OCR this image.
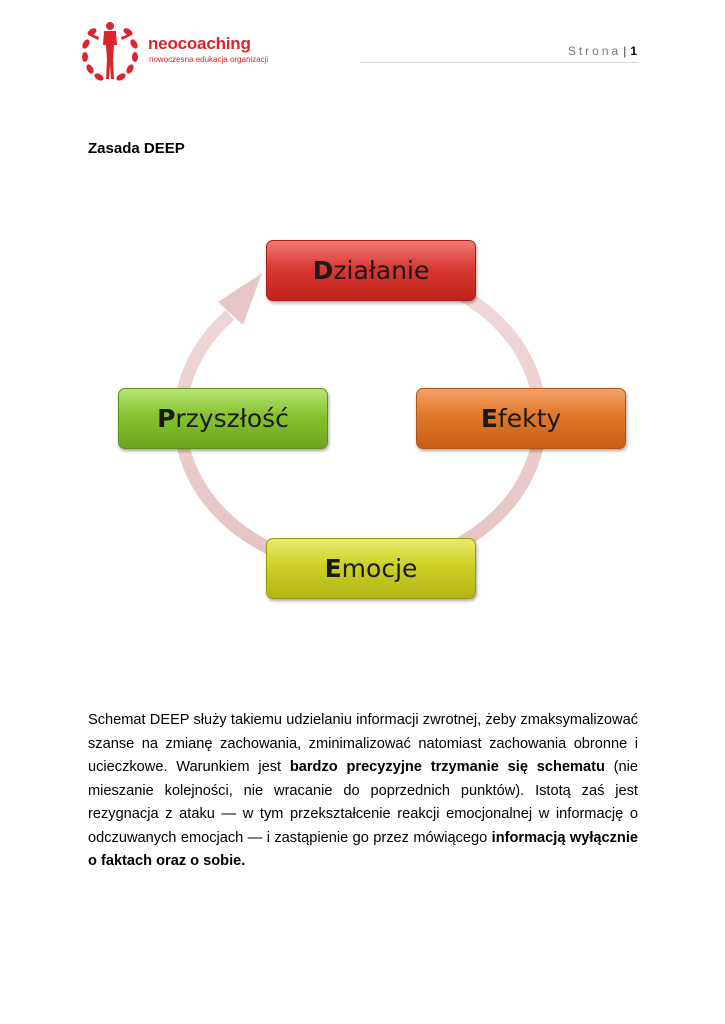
neocoaching
nowoczesna edukacja organizacji
Strona | 1
Zasada DEEP
D ziałanie
E fekty
E mocje
P rzyszłość
Schemat DEEP służy takiemu udzielaniu informacji zwrotnej, żeby zmaksymalizować szanse na zmianę zachowania, zminimalizować natomiast zachowania obronne i ucieczkowe. Warunkiem jest bardzo precyzyjne trzymanie się schematu (nie mieszanie kolejności, nie wracanie do poprzednich punktów). Istotą zaś jest rezygnacja z ataku — w tym przekształcenie reakcji emocjonalnej w informację o odczuwanych emocjach — i zastąpienie go przez mówiącego informacją wyłącznie o faktach oraz o sobie.
